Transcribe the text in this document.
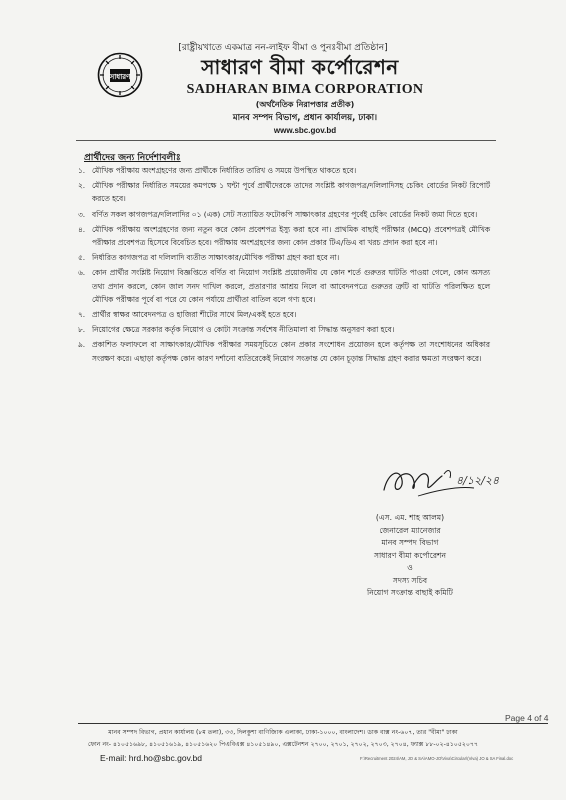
[রাষ্ট্রীয়খাতে একমাত্র নন-লাইফ বীমা ও পুনঃবীমা প্রতিষ্ঠান]
সাধারণ	সাধারণ বীমা কর্পোরেশন
SADHARAN BIMA CORPORATION
(অর্থনৈতিক নিরাপত্তার প্রতীক)
মানব সম্পদ বিভাগ, প্রধান কার্যালয়, ঢাকা।
www.sbc.gov.bd
প্রার্থীদের জন্য নির্দেশাবলীঃ
১. মৌখিক পরীক্ষায় অংশগ্রহণের জন্য প্রার্থীকে নির্ধারিত তারিখ ও সময়ে উপস্থিত থাকতে হবে।
২. মৌখিক পরীক্ষার নির্ধারিত সময়ের কমপক্ষে ১ ঘন্টা পূর্বে প্রার্থীদেরকে তাদের সংশ্লিষ্ট কাগজপত্র/দলিলাদিসহ চেকিং বোর্ডের নিকট রিপোর্ট করতে হবে।
৩. বর্ণিত সকল কাগজপত্র/দলিলাদির ০১ (এক) সেট সত্যায়িত ফটোকপি সাক্ষাৎকার গ্রহণের পূর্বেই চেকিং বোর্ডের নিকট জমা দিতে হবে।
৪. মৌখিক পরীক্ষায় অংশগ্রহণের জন্য নতুন করে কোন প্রবেশপত্র ইস্যু করা হবে না। প্রাথমিক বাছাই পরীক্ষার (MCQ) প্রবেশপত্রই মৌখিক পরীক্ষার প্রবেশপত্র হিসেবে বিবেচিত হবে। পরীক্ষায় অংশগ্রহণের জন্য কোন প্রকার টিএ/ডিএ বা খরচ প্রদান করা হবে না।
৫. নির্ধারিত কাগজপত্র বা দলিলাদি ব্যতীত সাক্ষাৎকার/মৌখিক পরীক্ষা গ্রহণ করা হবে না।
৬. কোন প্রার্থীর সংশ্লিষ্ট নিয়োগ বিজ্ঞপ্তিতে বর্ণিত বা নিয়োগ সংশ্লিষ্ট প্রয়োজনীয় যে কোন শর্তে গুরুতর ঘাটতি পাওয়া গেলে, কোন অসত্য তথ্য প্রদান করলে, কোন জাল সনদ দাখিল করলে, প্রতারণার আশ্রয় নিলে বা আবেদনপত্রে গুরুতর ত্রুটি বা ঘাটতি পরিলক্ষিত হলে মৌখিক পরীক্ষার পূর্বে বা পরে যে কোন পর্যায়ে প্রার্থীতা বাতিল বলে গণ্য হবে।
৭. প্রার্থীর স্বাক্ষর আবেদনপত্র ও হাজিরা শীটের সাথে মিল/একই হতে হবে।
৮. নিয়োগের ক্ষেত্রে সরকার কর্তৃক নিয়োগ ও কোটা সংক্রান্ত সর্বশেষ নীতিমালা বা সিদ্ধান্ত অনুসরণ করা হবে।
৯. প্রকাশিত ফলাফলে বা সাক্ষাৎকার/মৌখিক পরীক্ষার সময়সূচিতে কোন প্রকার সংশোধন প্রয়োজন হলে কর্তৃপক্ষ তা সংশোধনের অধিকার সংরক্ষণ করে। এছাড়া কর্তৃপক্ষ কোন কারণ দর্শানো ব্যতিরেকেই নিয়োগ সংক্রান্ত যে কোন চূড়ান্ত সিদ্ধান্ত গ্রহণ করার ক্ষমতা সংরক্ষণ করে।
৪/১২/২৪
(এস. এম. শাহ আলম)
জেনারেল ম্যানেজার
মানব সম্পদ বিভাগ
সাধারণ বীমা কর্পোরেশন
ও
সদস্য সচিব
নিয়োগ সংক্রান্ত বাছাই কমিটি
Page 4 of 4
মানব সম্পদ বিভাগ, প্রধান কার্যালয় (৮ম তলা), ৩৩, দিলকুশা বাণিজ্যিক এলাকা, ঢাকা-১০০০, বাংলাদেশ। ডাক বাক্স নং-৬০৭, তার "বীমা" ঢাকা
ফোন নং- ৪১০৫১৬৯৮, ৪১০৫১৬১৯, ৪১০৫১৬২০ পিএবিএক্স ৪১০৫১৪৯০, এক্সটেনশন ২৭০০, ২৭০১, ২৭০২, ২৭০৩, ২৭০৪, ফ্যাক্স ৮৮-০২-৪১০৫২০৭৭
E-mail: hrd.ho@sbc.gov.bd	F:\Recruitment 2024\AM, JO & SA\AMO-JO\Viva\Circular\(Viva) JO & SA Final.doc
